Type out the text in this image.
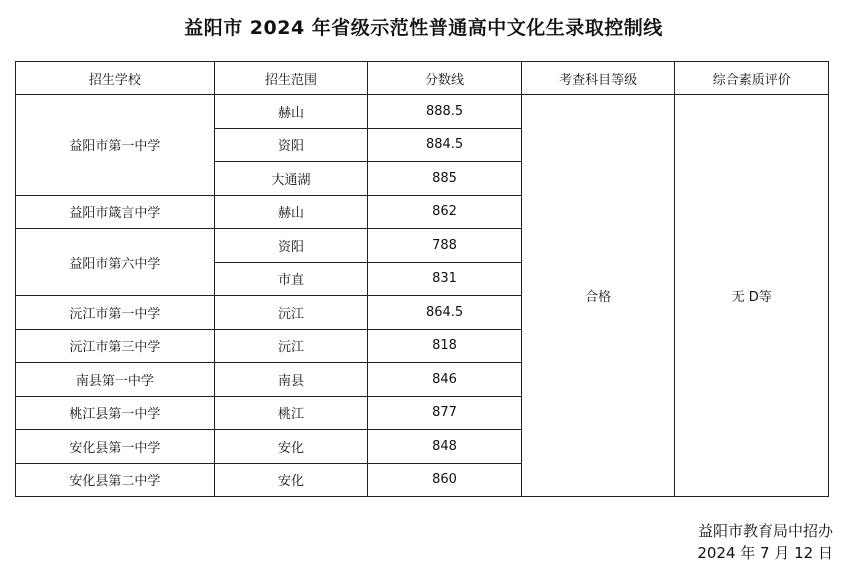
益阳市 2024 年省级示范性普通高中文化生录取控制线
招生学校	招生范围	分数线	考查科目等级	综合素质评价
益阳市第一中学	赫山	888.5	合格	无 D等
	资阳	884.5		
	大通湖	885		
益阳市箴言中学	赫山	862		
益阳市第六中学	资阳	788		
	市直	831		
沅江市第一中学	沅江	864.5		
沅江市第三中学	沅江	818		
南县第一中学	南县	846		
桃江县第一中学	桃江	877		
安化县第一中学	安化	848		
安化县第二中学	安化	860		
益阳市教育局中招办
2024 年 7 月 12 日
